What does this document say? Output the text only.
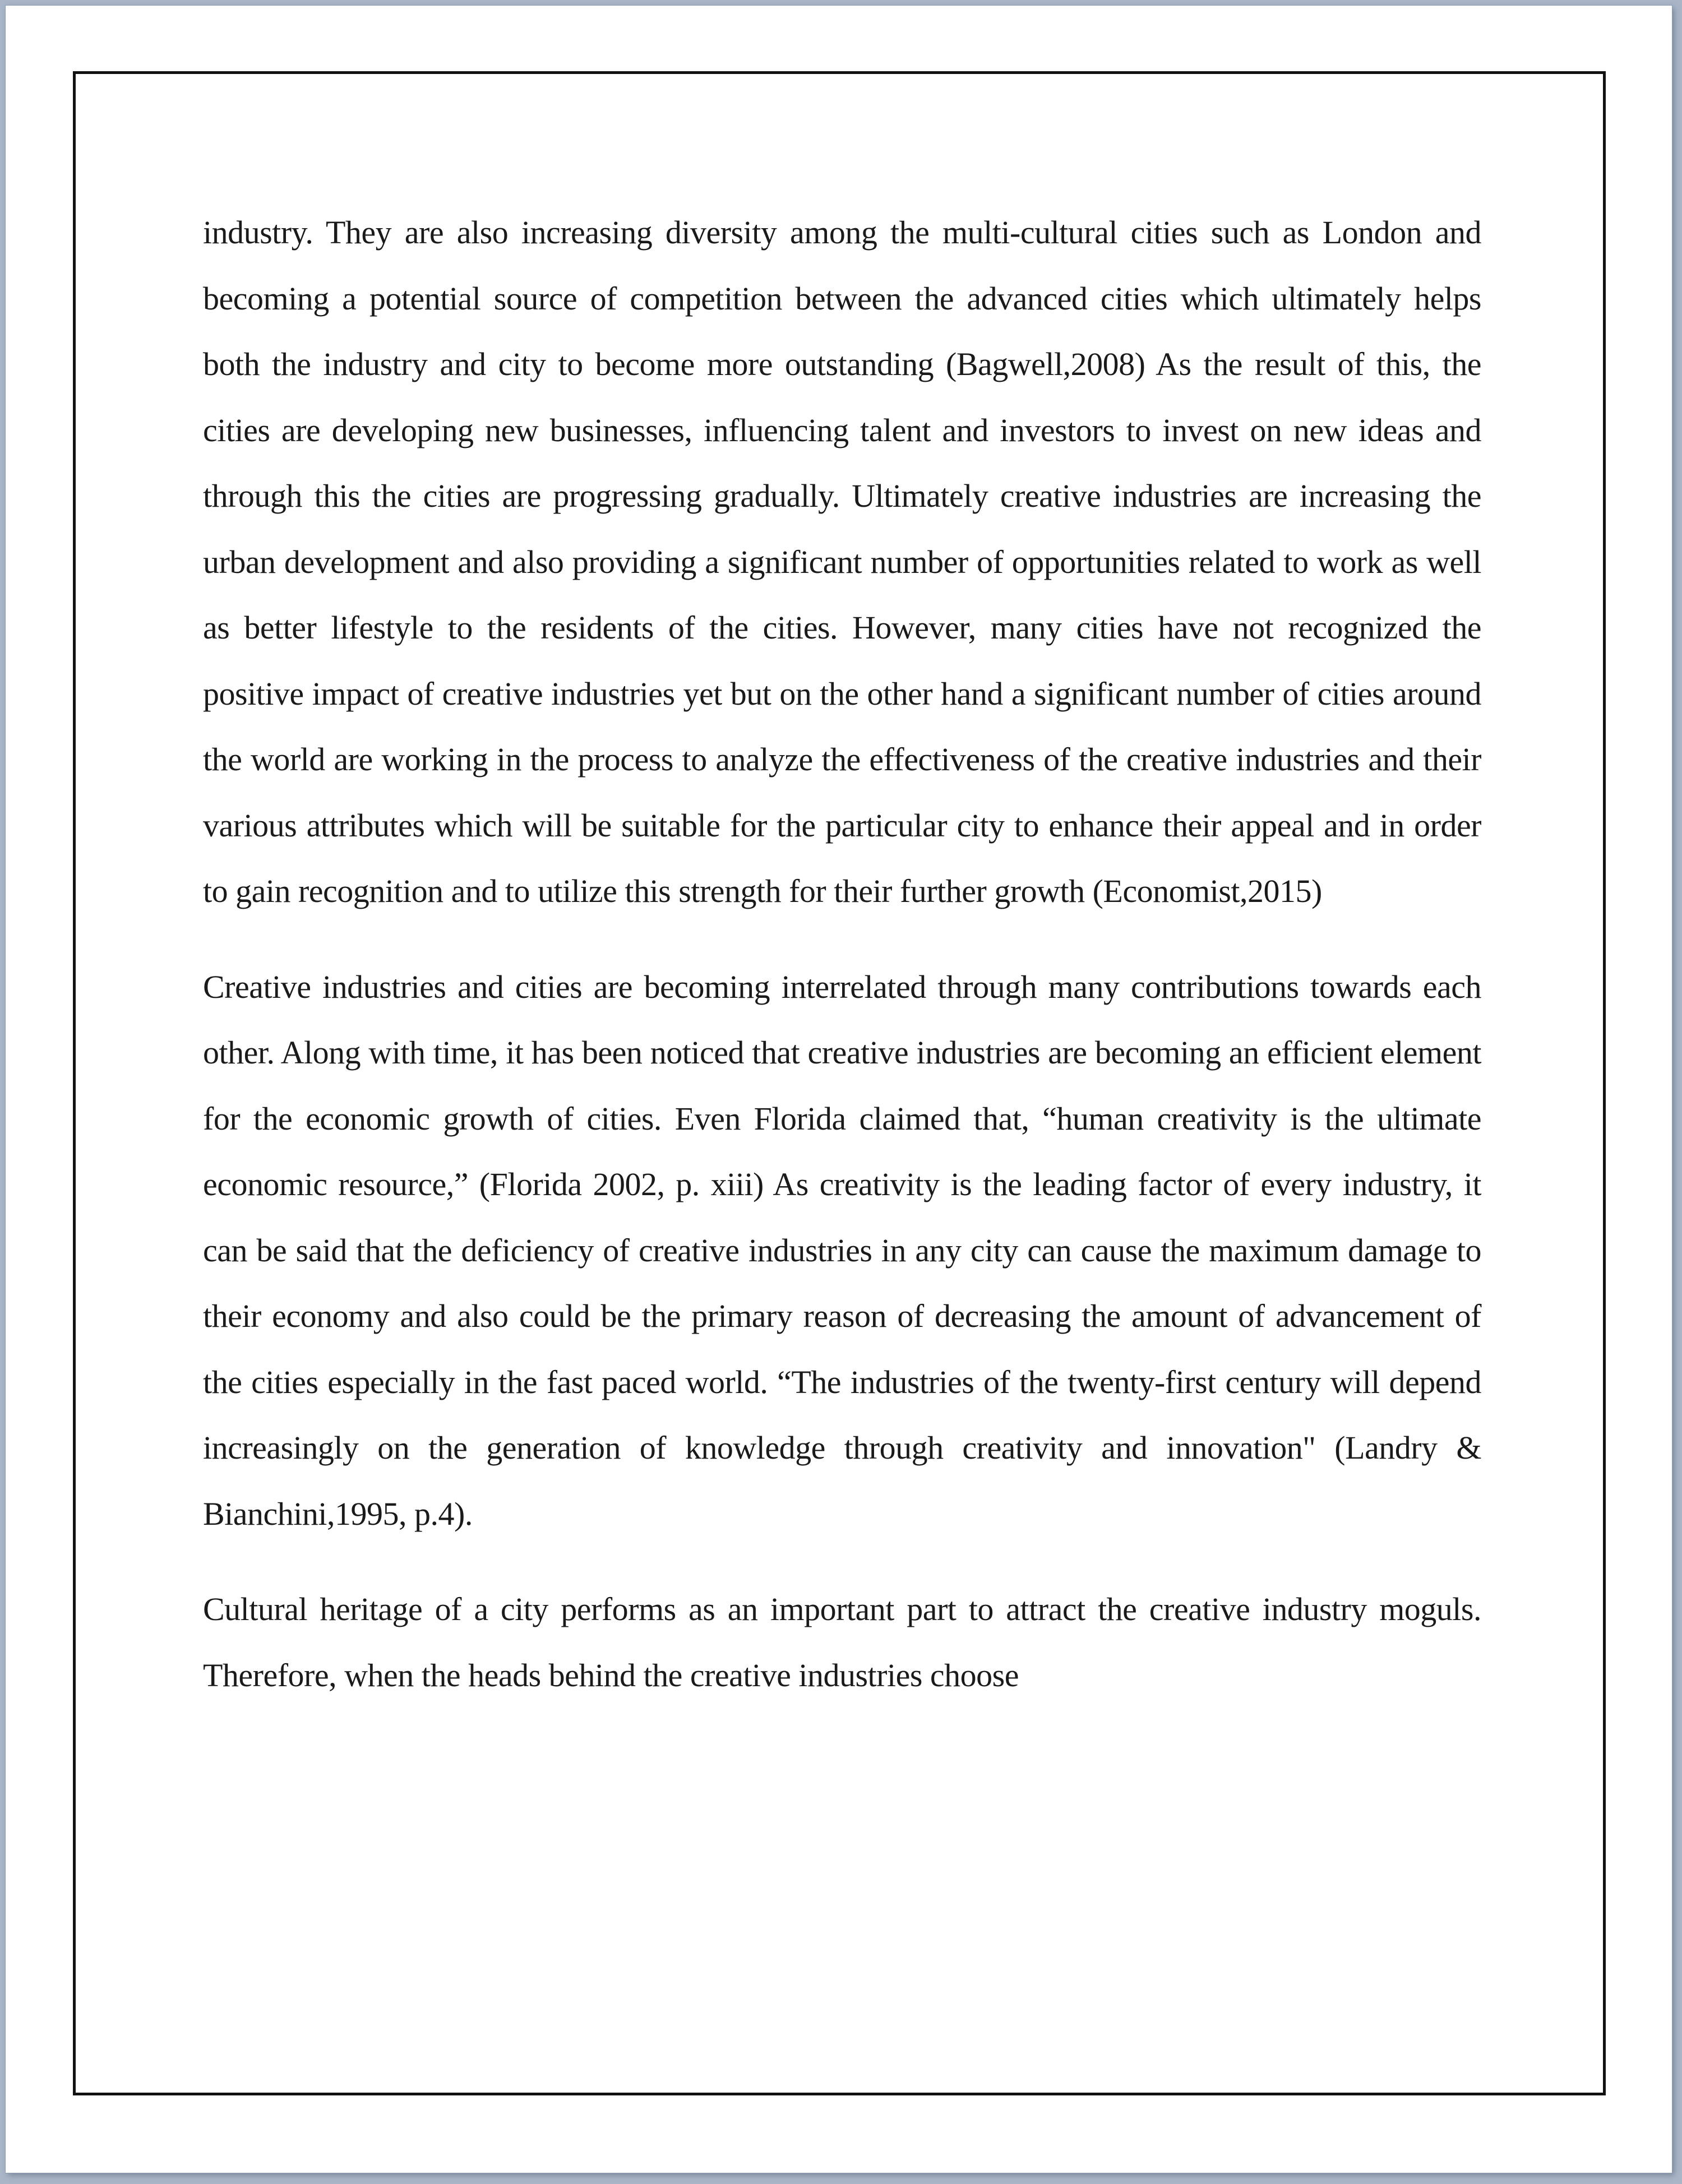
industry. They are also increasing diversity among the multi-cultural cities such as London and becoming a potential source of competition between the advanced cities which ultimately helps both the industry and city to become more outstanding (Bagwell,2008) As the result of this, the cities are developing new businesses, influencing talent and investors to invest on new ideas and through this the cities are progressing gradually. Ultimately creative industries are increasing the urban development and also providing a significant number of opportunities related to work as well as better lifestyle to the residents of the cities. However, many cities have not recognized the positive impact of creative industries yet but on the other hand a significant number of cities around the world are working in the process to analyze the effectiveness of the creative industries and their various attributes which will be suitable for the particular city to enhance their appeal and in order to gain recognition and to utilize this strength for their further growth (Economist,2015)

Creative industries and cities are becoming interrelated through many contributions towards each other. Along with time, it has been noticed that creative industries are becoming an efficient element for the economic growth of cities. Even Florida claimed that, “human creativity is the ultimate economic resource,” (Florida 2002, p. xiii) As creativity is the leading factor of every industry, it can be said that the deficiency of creative industries in any city can cause the maximum damage to their economy and also could be the primary reason of decreasing the amount of advancement of the cities especially in the fast paced world. “The industries of the twenty-first century will depend increasingly on the generation of knowledge through creativity and innovation" (Landry & Bianchini,1995, p.4).

Cultural heritage of a city performs as an important part to attract the creative industry moguls. Therefore, when the heads behind the creative industries choose
